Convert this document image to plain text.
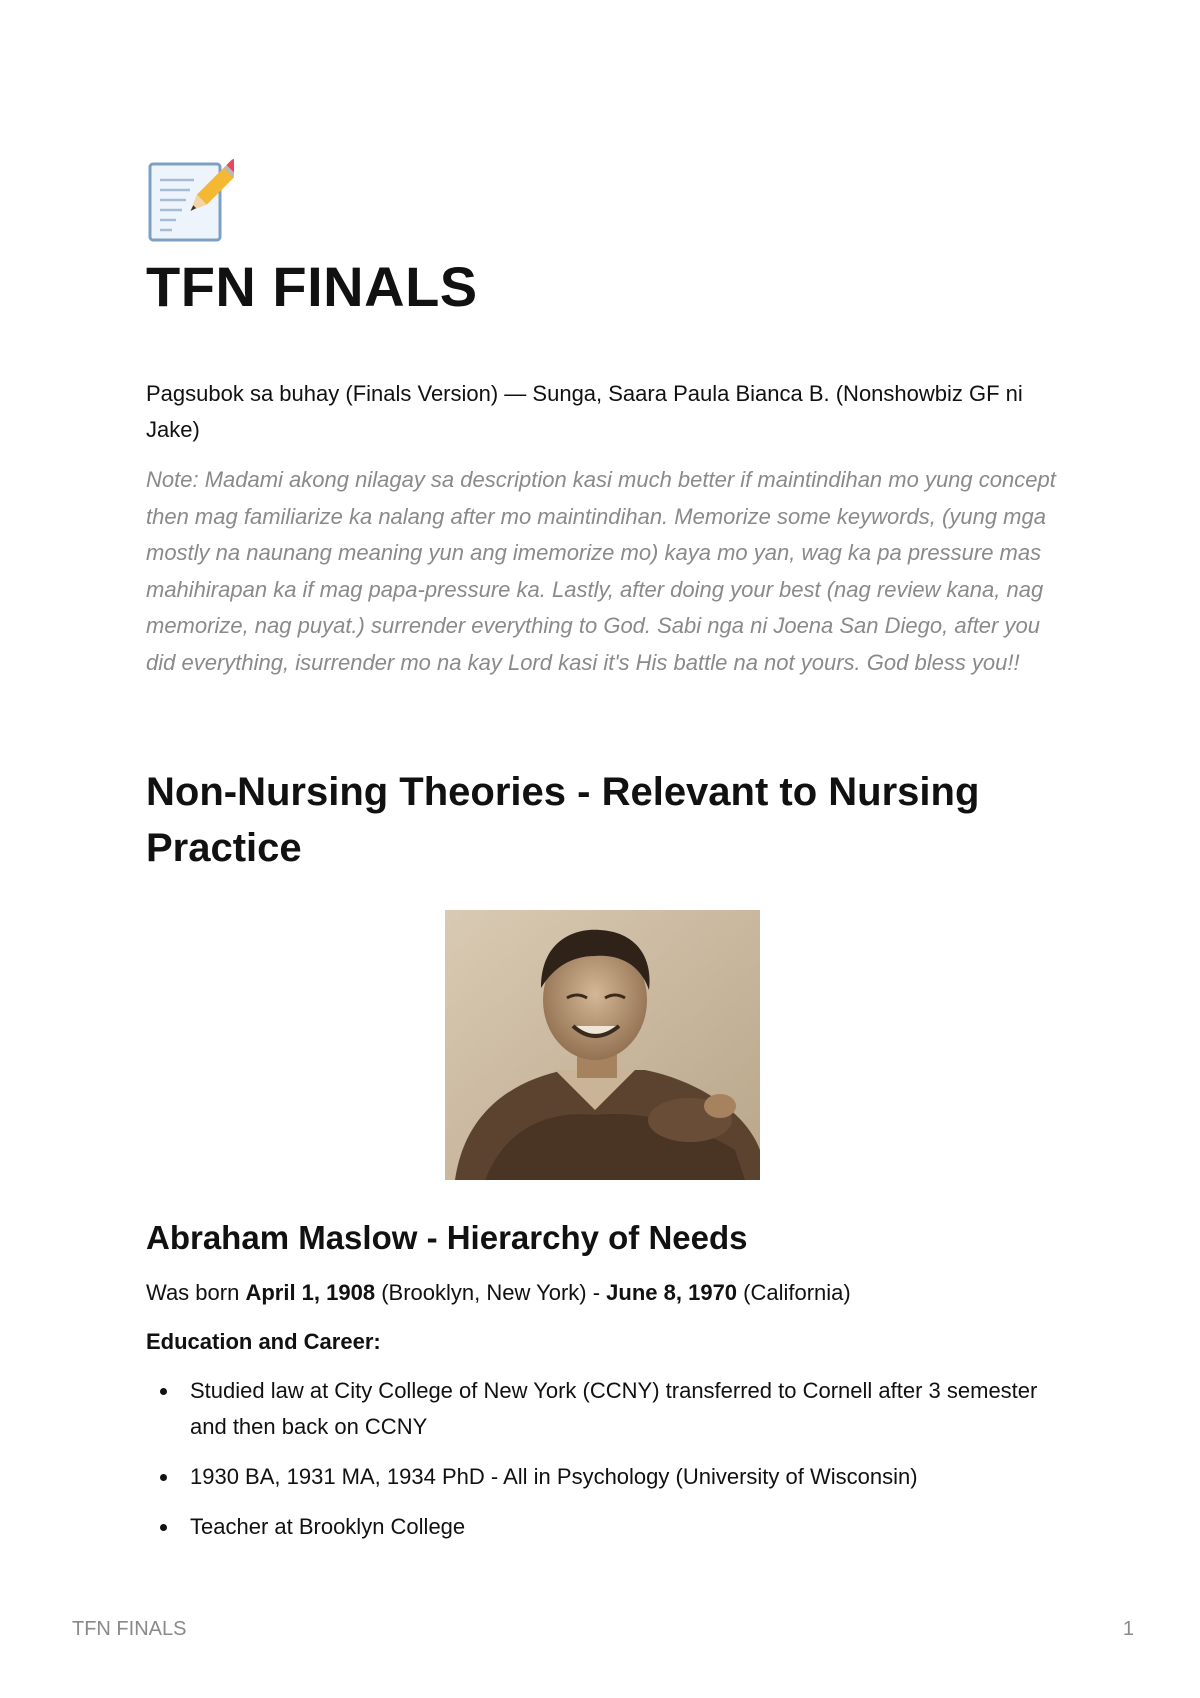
TFN FINALS

Pagsubok sa buhay (Finals Version) — Sunga, Saara Paula Bianca B. (Nonshowbiz GF ni Jake)

Note: Madami akong nilagay sa description kasi much better if maintindihan mo yung concept then mag familiarize ka nalang after mo maintindihan. Memorize some keywords, (yung mga mostly na naunang meaning yun ang imemorize mo) kaya mo yan, wag ka pa pressure mas mahihirapan ka if mag papa-pressure ka. Lastly, after doing your best (nag review kana, nag memorize, nag puyat.) surrender everything to God. Sabi nga ni Joena San Diego, after you did everything, isurrender mo na kay Lord kasi it's His battle na not yours. God bless you!!

Non-Nursing Theories - Relevant to Nursing Practice
Abraham Maslow - Hierarchy of Needs

Was born April 1, 1908 (Brooklyn, New York) - June 8, 1970 (California)

Education and Career:

Studied law at City College of New York (CCNY) transferred to Cornell after 3 semester and then back on CCNY
1930 BA, 1931 MA, 1934 PhD - All in Psychology (University of Wisconsin)
Teacher at Brooklyn College
TFN FINALS	1
